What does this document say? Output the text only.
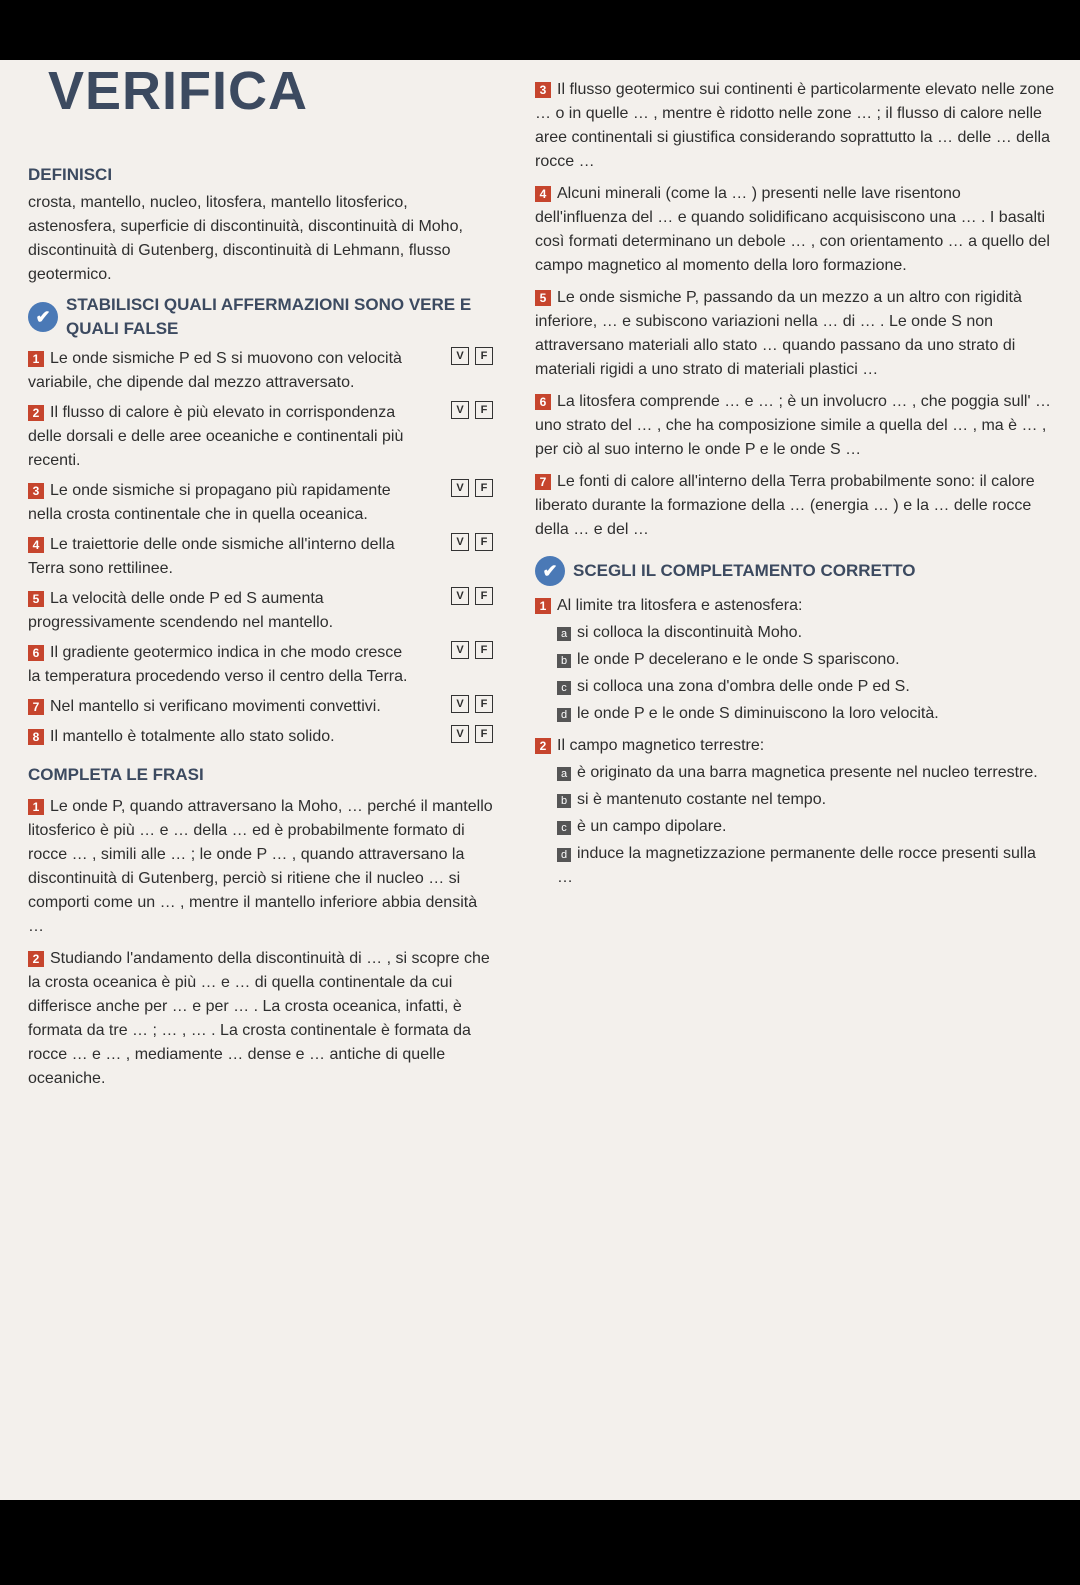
VERIFICA
DEFINISCI

crosta, mantello, nucleo, litosfera, mantello litosferico, astenosfera, superficie di discontinuità, discontinuità di Moho, discontinuità di Gutenberg, discontinuità di Lehmann, flusso geotermico.

✔
STABILISCI QUALI AFFERMAZIONI SONO VERE E QUALI FALSE
1 Le onde sismiche P ed S si muovono con velocità variabile, che dipende dal mezzo attraversato.
V	F
2 Il flusso di calore è più elevato in corrispondenza delle dorsali e delle aree oceaniche e continentali più recenti.
V	F
3 Le onde sismiche si propagano più rapidamente nella crosta continentale che in quella oceanica.
V	F
4 Le traiettorie delle onde sismiche all'interno della Terra sono rettilinee.
V	F
5 La velocità delle onde P ed S aumenta progressivamente scendendo nel mantello.
V	F
6 Il gradiente geotermico indica in che modo cresce la temperatura procedendo verso il centro della Terra.
V	F
7 Nel mantello si verificano movimenti convettivi.	V	F
8 Il mantello è totalmente allo stato solido.	V	F
COMPLETA LE FRASI
1 Le onde P, quando attraversano la Moho, … perché il mantello litosferico è più … e … della … ed è probabilmente formato di rocce … , simili alle … ; le onde P … , quando attraversano la discontinuità di Gutenberg, perciò si ritiene che il nucleo … si comporti come un … , mentre il mantello inferiore abbia densità …
2 Studiando l'andamento della discontinuità di … , si scopre che la crosta oceanica è più … e … di quella continentale da cui differisce anche per … e per … . La crosta oceanica, infatti, è formata da tre … ; … , … . La crosta continentale è formata da rocce … e … , mediamente … dense e … antiche di quelle oceaniche.
3 Il flusso geotermico sui continenti è particolarmente elevato nelle zone … o in quelle … , mentre è ridotto nelle zone … ; il flusso di calore nelle aree continentali si giustifica considerando soprattutto la … delle … della rocce …
4 Alcuni minerali (come la … ) presenti nelle lave risentono dell'influenza del … e quando solidificano acquisiscono una … . I basalti così formati determinano un debole … , con orientamento … a quello del campo magnetico al momento della loro formazione.
5 Le onde sismiche P, passando da un mezzo a un altro con rigidità inferiore, … e subiscono variazioni nella … di … . Le onde S non attraversano materiali allo stato … quando passano da uno strato di materiali rigidi a uno strato di materiali plastici …
6 La litosfera comprende … e … ; è un involucro … , che poggia sull' … uno strato del … , che ha composizione simile a quella del … , ma è … , per ciò al suo interno le onde P e le onde S …
7 Le fonti di calore all'interno della Terra probabilmente sono: il calore liberato durante la formazione della … (energia … ) e la … delle rocce della … e del …
✔ SCEGLI IL COMPLETAMENTO CORRETTO
1 Al limite tra litosfera e astenosfera:
a si colloca la discontinuità Moho.
b le onde P decelerano e le onde S spariscono.
c si colloca una zona d'ombra delle onde P ed S.
d le onde P e le onde S diminuiscono la loro velocità.
2 Il campo magnetico terrestre:
a è originato da una barra magnetica presente nel nucleo terrestre.
b si è mantenuto costante nel tempo.
c è un campo dipolare.
d induce la magnetizzazione permanente delle rocce presenti sulla …
